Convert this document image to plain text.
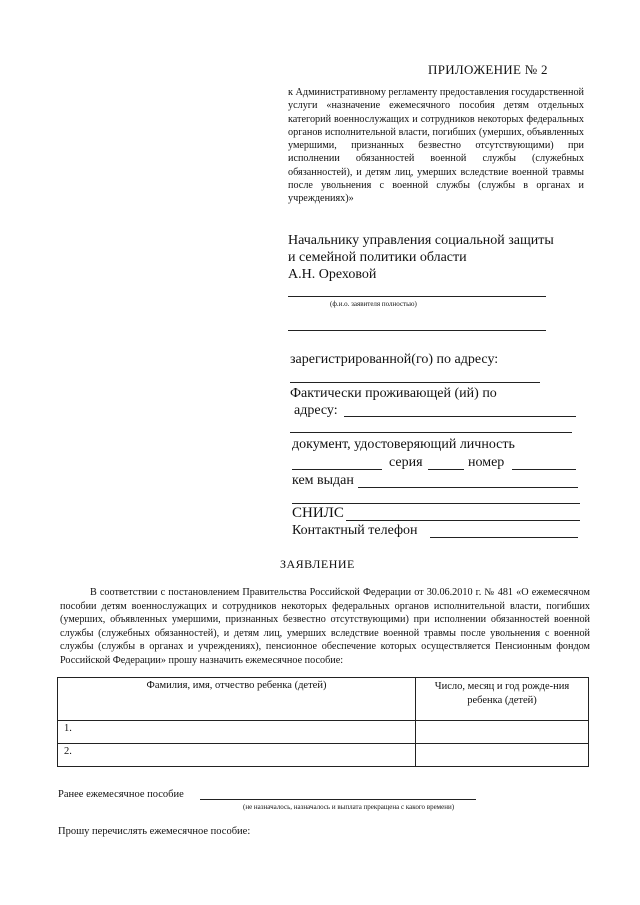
ПРИЛОЖЕНИЕ № 2
к Административному регламенту предоставления государственной услуги «назначение ежемесячного пособия детям отдельных категорий военнослужащих и сотрудников некоторых федеральных органов исполнительной власти, погибших (умерших, объявленных умершими, признанных безвестно отсутствующими) при исполнении обязанностей военной службы (служебных обязанностей), и детям лиц, умерших вследствие военной травмы после увольнения с военной службы (службы в органах и учреждениях)»
Начальнику управления социальной защиты
и семейной политики области
А.Н. Ореховой
(ф.и.о. заявителя полностью)
зарегистрированной(го) по адресу:
Фактически проживающей (ий) по
адресу:
документ, удостоверяющий личность
серия	номер
кем выдан
СНИЛС
Контактный телефон
ЗАЯВЛЕНИЕ
В соответствии с постановлением Правительства Российской Федерации от 30.06.2010 г. № 481 «О ежемесячном пособии детям военнослужащих и сотрудников некоторых федеральных органов исполнительной власти, погибших (умерших, объявленных умершими, признанных безвестно отсутствующими) при исполнении обязанностей военной службы (служебных обязанностей), и детям лиц, умерших вследствие военной травмы после увольнения с военной службы (службы в органах и учреждениях), пенсионное обеспечение которых осуществляется Пенсионным фондом Российской Федерации» прошу назначить ежемесячное пособие:
Фамилия, имя, отчество ребенка (детей)	Число, месяц и год рожде-ния ребенка (детей)
1.	
2.	
Ранее ежемесячное пособие
(не назначалось, назначалось и выплата прекращена с какого времени)
Прошу перечислять ежемесячное пособие:
